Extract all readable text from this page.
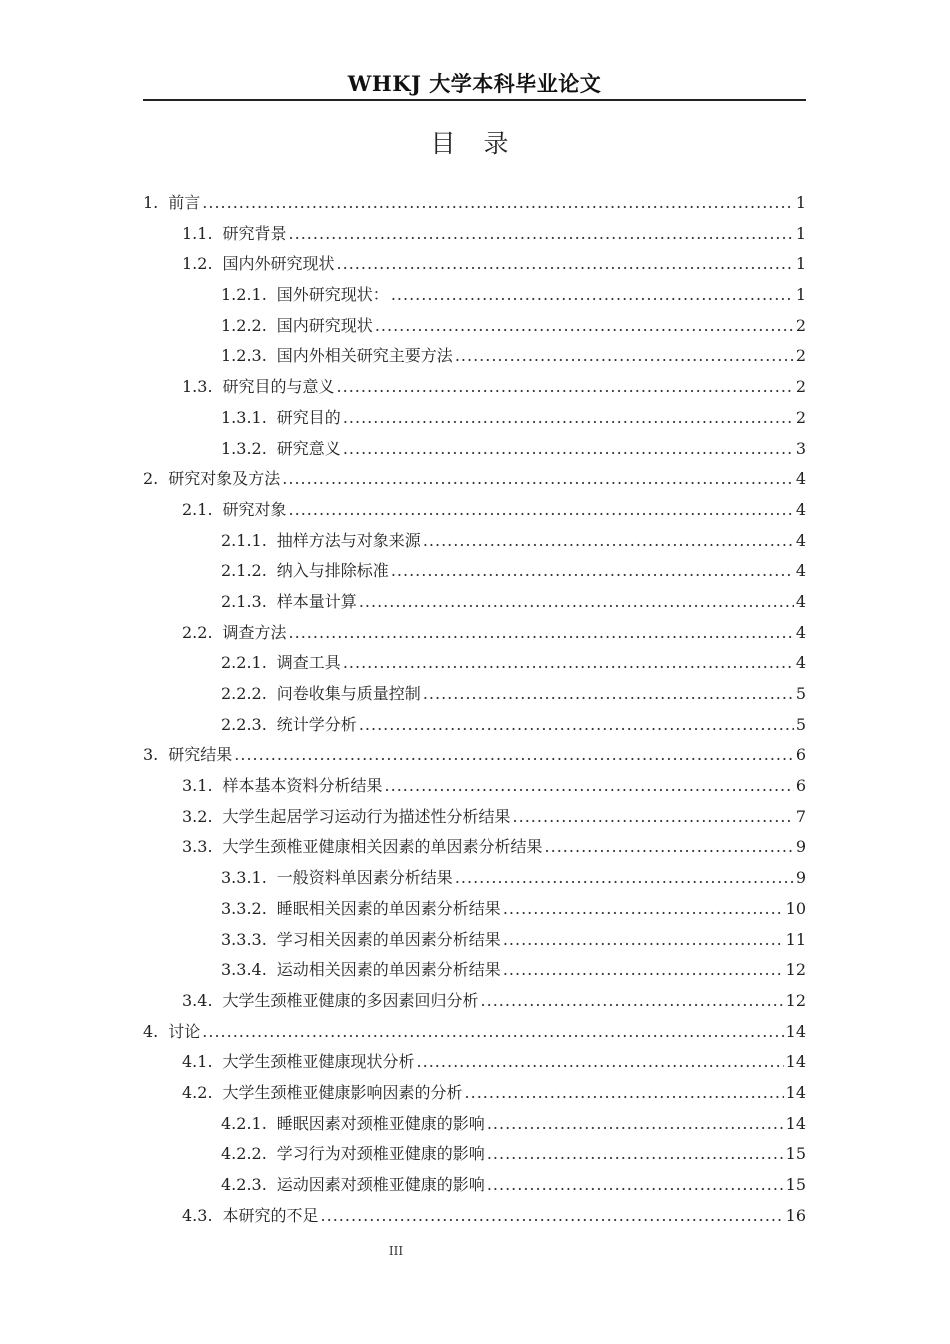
WHKJ 大学本科毕业论文
目 录
1. 前言 .....	1
1.1. 研究背景 .....	1
1.2. 国内外研究现状 .....	1
1.2.1. 国外研究现状： .....	1
1.2.2. 国内研究现状 .....	2
1.2.3. 国内外相关研究主要方法 .....	2
1.3. 研究目的与意义 .....	2
1.3.1. 研究目的 .....	2
1.3.2. 研究意义 .....	3
2. 研究对象及方法 .....	4
2.1. 研究对象 .....	4
2.1.1. 抽样方法与对象来源 .....	4
2.1.2. 纳入与排除标准 .....	4
2.1.3. 样本量计算 .....	4
2.2. 调查方法 .....	4
2.2.1. 调查工具 .....	4
2.2.2. 问卷收集与质量控制 .....	5
2.2.3. 统计学分析 .....	5
3. 研究结果 .....	6
3.1. 样本基本资料分析结果 .....	6
3.2. 大学生起居学习运动行为描述性分析结果 .....	7
3.3. 大学生颈椎亚健康相关因素的单因素分析结果 .....	9
3.3.1. 一般资料单因素分析结果 .....	9
3.3.2. 睡眠相关因素的单因素分析结果 .....	10
3.3.3. 学习相关因素的单因素分析结果 .....	11
3.3.4. 运动相关因素的单因素分析结果 .....	12
3.4. 大学生颈椎亚健康的多因素回归分析 .....	12
4. 讨论 .....	14
4.1. 大学生颈椎亚健康现状分析 .....	14
4.2. 大学生颈椎亚健康影响因素的分析 .....	14
4.2.1. 睡眠因素对颈椎亚健康的影响 .....	14
4.2.2. 学习行为对颈椎亚健康的影响 .....	15
4.2.3. 运动因素对颈椎亚健康的影响 .....	15
4.3. 本研究的不足 .....	16
III
